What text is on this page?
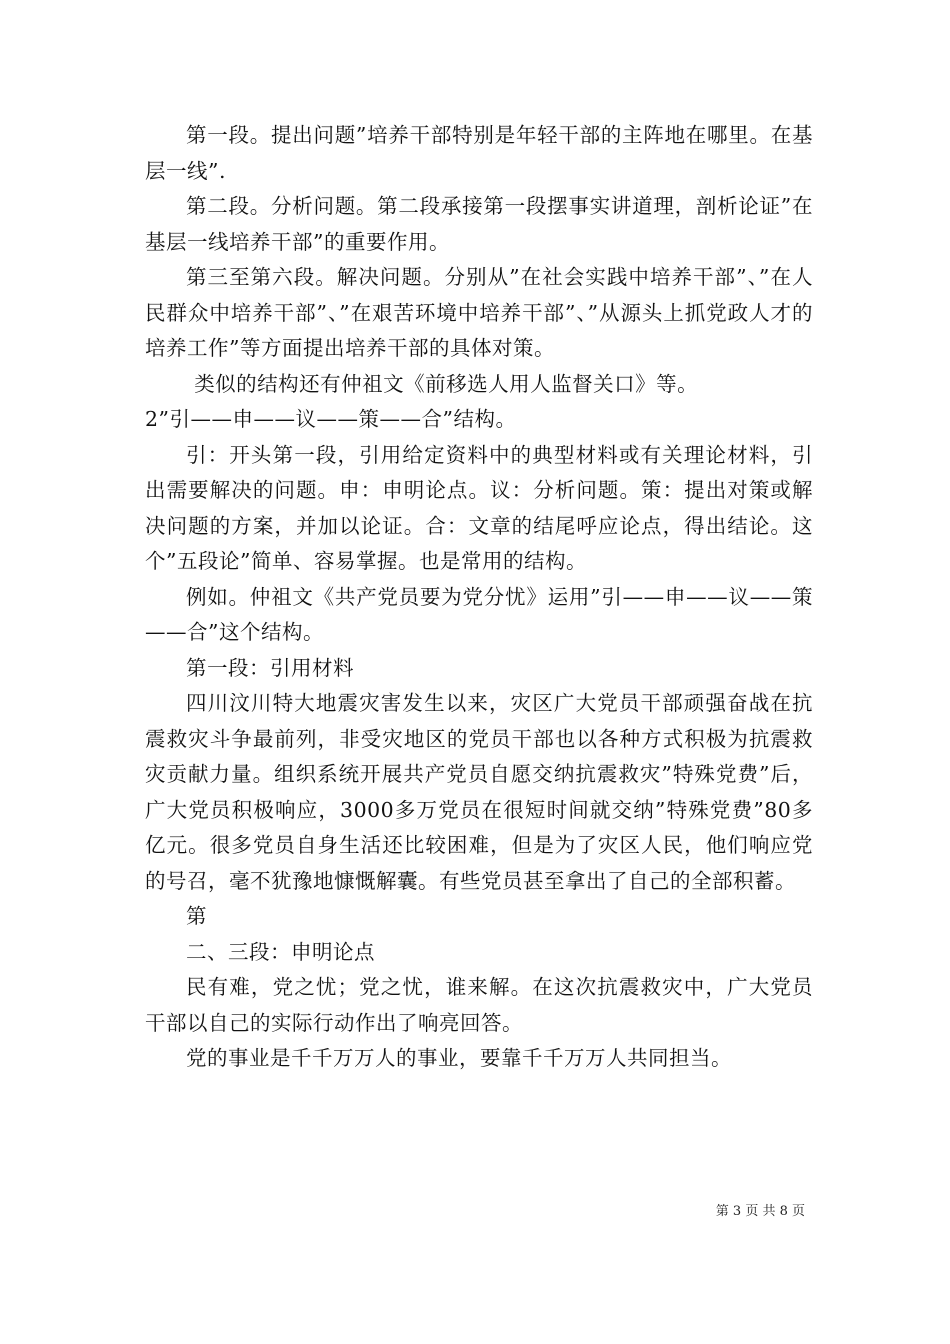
第一段。提出问题”培养干部特别是年轻干部的主阵地在哪里。在基层一线”.

第二段。分析问题。第二段承接第一段摆事实讲道理，剖析论证”在基层一线培养干部”的重要作用。

第三至第六段。解决问题。分别从”在社会实践中培养干部”、”在人民群众中培养干部”、”在艰苦环境中培养干部”、”从源头上抓党政人才的培养工作”等方面提出培养干部的具体对策。

类似的结构还有仲祖文《前移选人用人监督关口》等。

2”引——申——议——策——合”结构。

引：开头第一段，引用给定资料中的典型材料或有关理论材料，引出需要解决的问题。申：申明论点。议：分析问题。策：提出对策或解决问题的方案，并加以论证。合：文章的结尾呼应论点，得出结论。这个”五段论”简单、容易掌握。也是常用的结构。

例如。仲祖文《共产党员要为党分忧》运用”引——申——议——策——合”这个结构。

第一段：引用材料

四川汶川特大地震灾害发生以来，灾区广大党员干部顽强奋战在抗震救灾斗争最前列，非受灾地区的党员干部也以各种方式积极为抗震救灾贡献力量。组织系统开展共产党员自愿交纳抗震救灾”特殊党费”后，广大党员积极响应，3000多万党员在很短时间就交纳”特殊党费”80多亿元。很多党员自身生活还比较困难，但是为了灾区人民，他们响应党的号召，毫不犹豫地慷慨解囊。有些党员甚至拿出了自己的全部积蓄。

第

二、三段：申明论点

民有难，党之忧；党之忧，谁来解。在这次抗震救灾中，广大党员干部以自己的实际行动作出了响亮回答。

党的事业是千千万万人的事业，要靠千千万万人共同担当。

第 3 页 共 8 页
